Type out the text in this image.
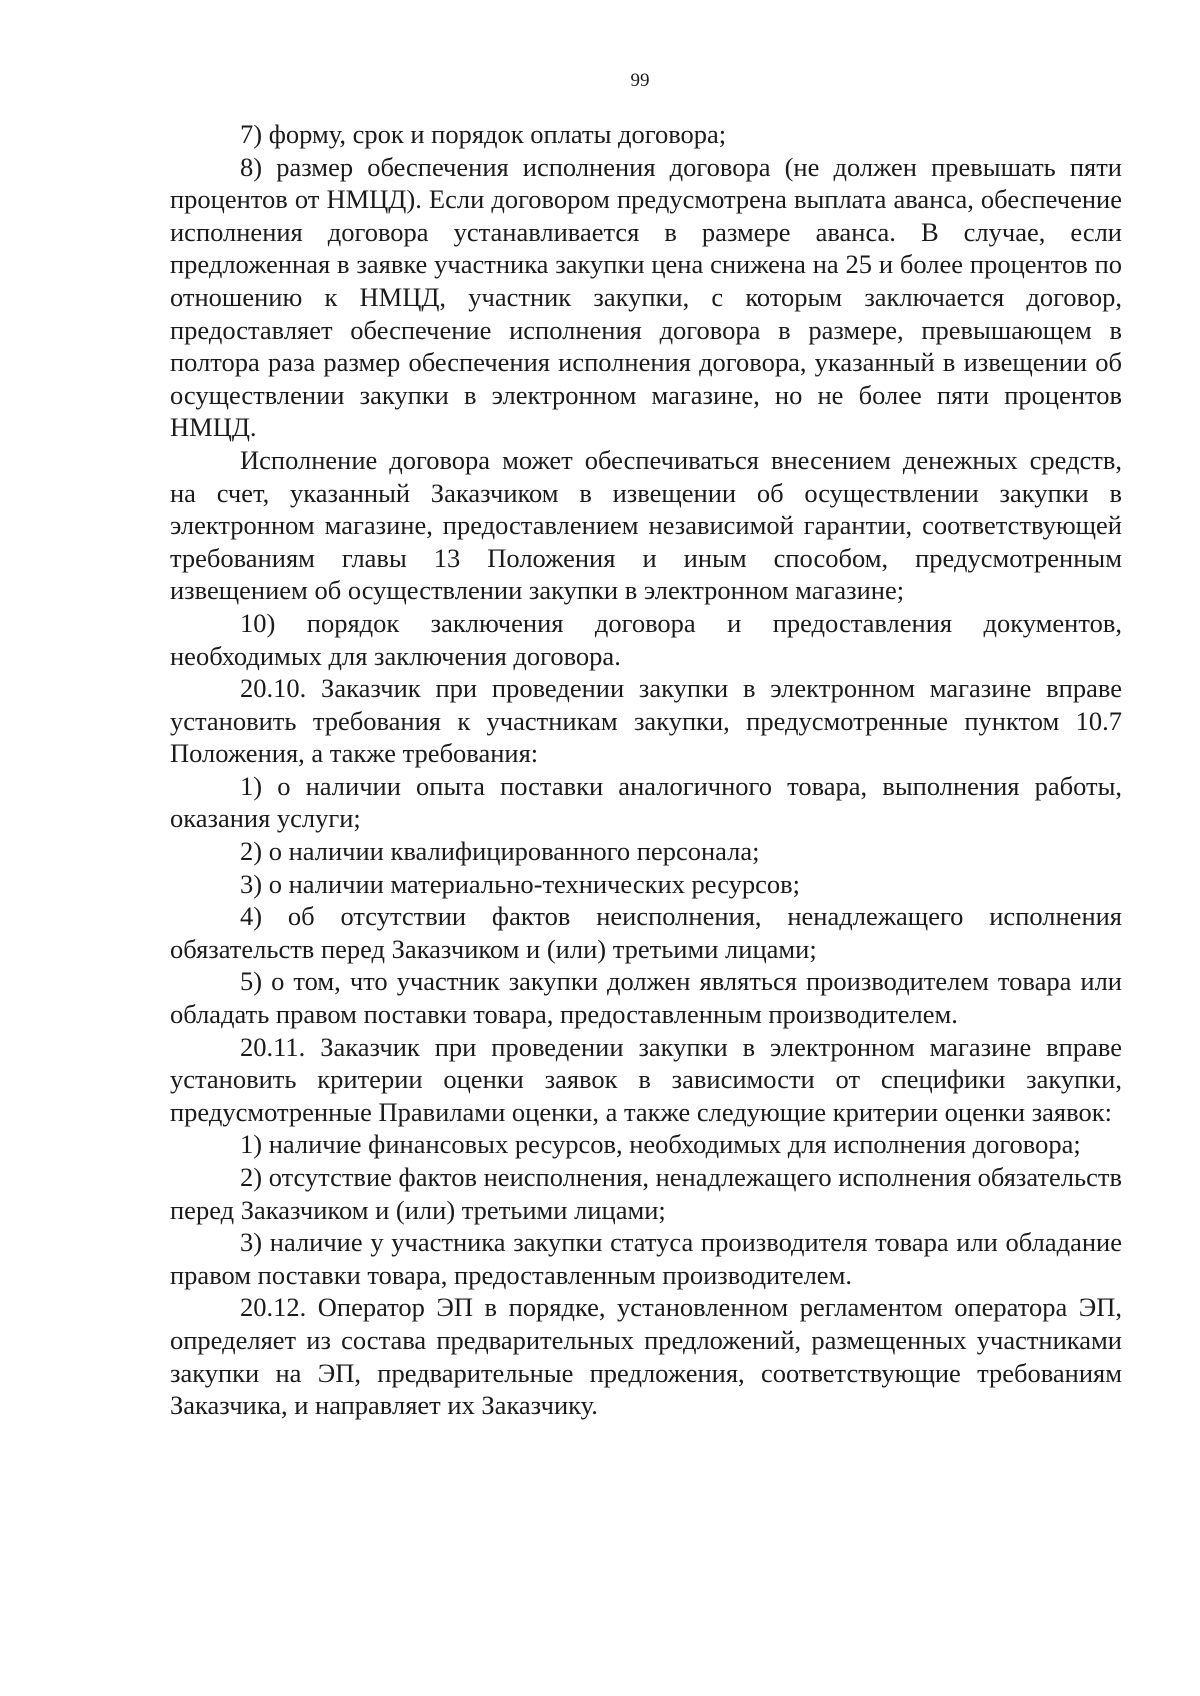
99

7) форму, срок и порядок оплаты договора;

8) размер обеспечения исполнения договора (не должен превышать пяти процентов от НМЦД). Если договором предусмотрена выплата аванса, обеспечение исполнения договора устанавливается в размере аванса. В случае, если предложенная в заявке участника закупки цена снижена на 25 и более процентов по отношению к НМЦД, участник закупки, с которым заключается договор, предоставляет обеспечение исполнения договора в размере, превышающем в полтора раза размер обеспечения исполнения договора, указанный в извещении об осуществлении закупки в электронном магазине, но не более пяти процентов НМЦД.

Исполнение договора может обеспечиваться внесением денежных средств, на счет, указанный Заказчиком в извещении об осуществлении закупки в электронном магазине, предоставлением независимой гарантии, соответствующей требованиям главы 13 Положения и иным способом, предусмотренным извещением об осуществлении закупки в электронном магазине;

10) порядок заключения договора и предоставления документов, необходимых для заключения договора.

20.10. Заказчик при проведении закупки в электронном магазине вправе установить требования к участникам закупки, предусмотренные пунктом 10.7 Положения, а также требования:

1) о наличии опыта поставки аналогичного товара, выполнения работы, оказания услуги;

2) о наличии квалифицированного персонала;

3) о наличии материально-технических ресурсов;

4) об отсутствии фактов неисполнения, ненадлежащего исполнения обязательств перед Заказчиком и (или) третьими лицами;

5) о том, что участник закупки должен являться производителем товара или обладать правом поставки товара, предоставленным производителем.

20.11. Заказчик при проведении закупки в электронном магазине вправе установить критерии оценки заявок в зависимости от специфики закупки, предусмотренные Правилами оценки, а также следующие критерии оценки заявок:

1) наличие финансовых ресурсов, необходимых для исполнения договора;

2) отсутствие фактов неисполнения, ненадлежащего исполнения обязательств перед Заказчиком и (или) третьими лицами;

3) наличие у участника закупки статуса производителя товара или обладание правом поставки товара, предоставленным производителем.

20.12. Оператор ЭП в порядке, установленном регламентом оператора ЭП, определяет из состава предварительных предложений, размещенных участниками закупки на ЭП, предварительные предложения, соответствующие требованиям Заказчика, и направляет их Заказчику.
